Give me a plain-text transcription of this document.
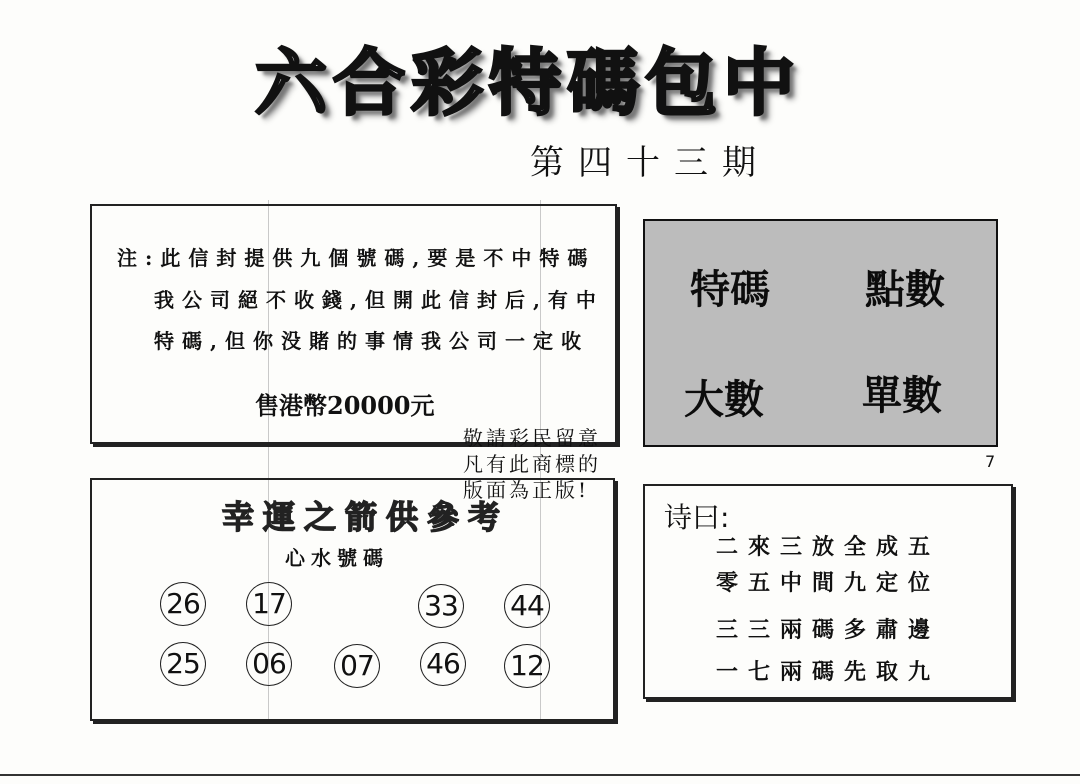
六合彩特碼包中
第四十三期
注:此信封提供九個號碼,要是不中特碼
我公司絕不收錢,但開此信封后,有中
特碼,但你没賭的事情我公司一定收
售港幣20000元
特碼 點數
大數 單數
敬請彩民留意
凡有此商標的
版面為正版!
7
幸運之箭供參考
心水號碼
26 17	33 44
25 06 07 46 12
诗曰:
二來三放全成五
零五中間九定位
三三兩碼多肅邊
一七兩碼先取九
